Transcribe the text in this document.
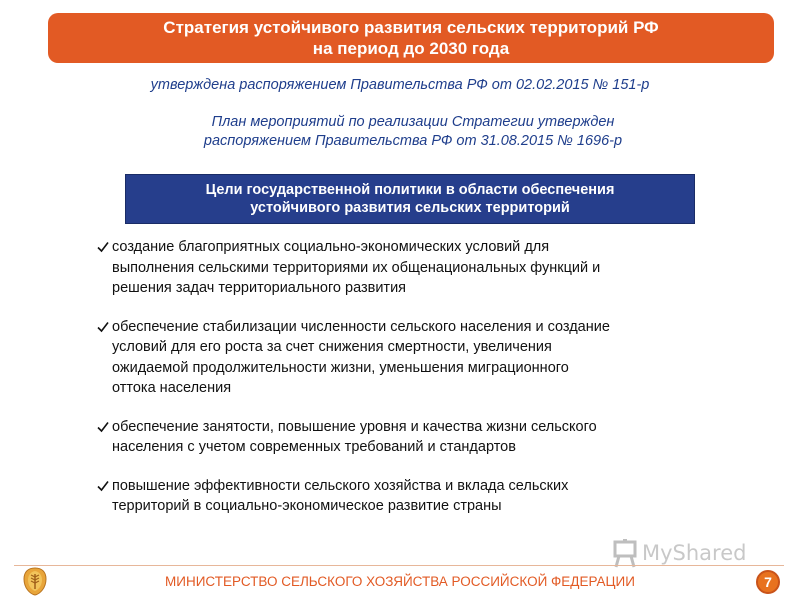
Стратегия устойчивого развития сельских территорий РФ
на период до 2030 года
утверждена распоряжением Правительства РФ от 02.02.2015 № 151-р
План мероприятий по реализации Стратегии утвержден
распоряжением Правительства РФ от 31.08.2015 № 1696-р
Цели государственной политики в области обеспечения
устойчивого развития сельских территорий
создание благоприятных социально-экономических условий для
выполнения сельскими территориями их общенациональных функций и
решения задач территориального развития
обеспечение стабилизации численности сельского населения и создание
условий для его роста за счет снижения смертности, увеличения
ожидаемой продолжительности жизни, уменьшения миграционного
оттока населения
обеспечение занятости, повышение уровня и качества жизни сельского
населения с учетом современных требований и стандартов
повышение эффективности сельского хозяйства и вклада сельских
территорий в социально-экономическое развитие страны
MyShared
МИНИСТЕРСТВО СЕЛЬСКОГО ХОЗЯЙСТВА РОССИЙСКОЙ ФЕДЕРАЦИИ	7
